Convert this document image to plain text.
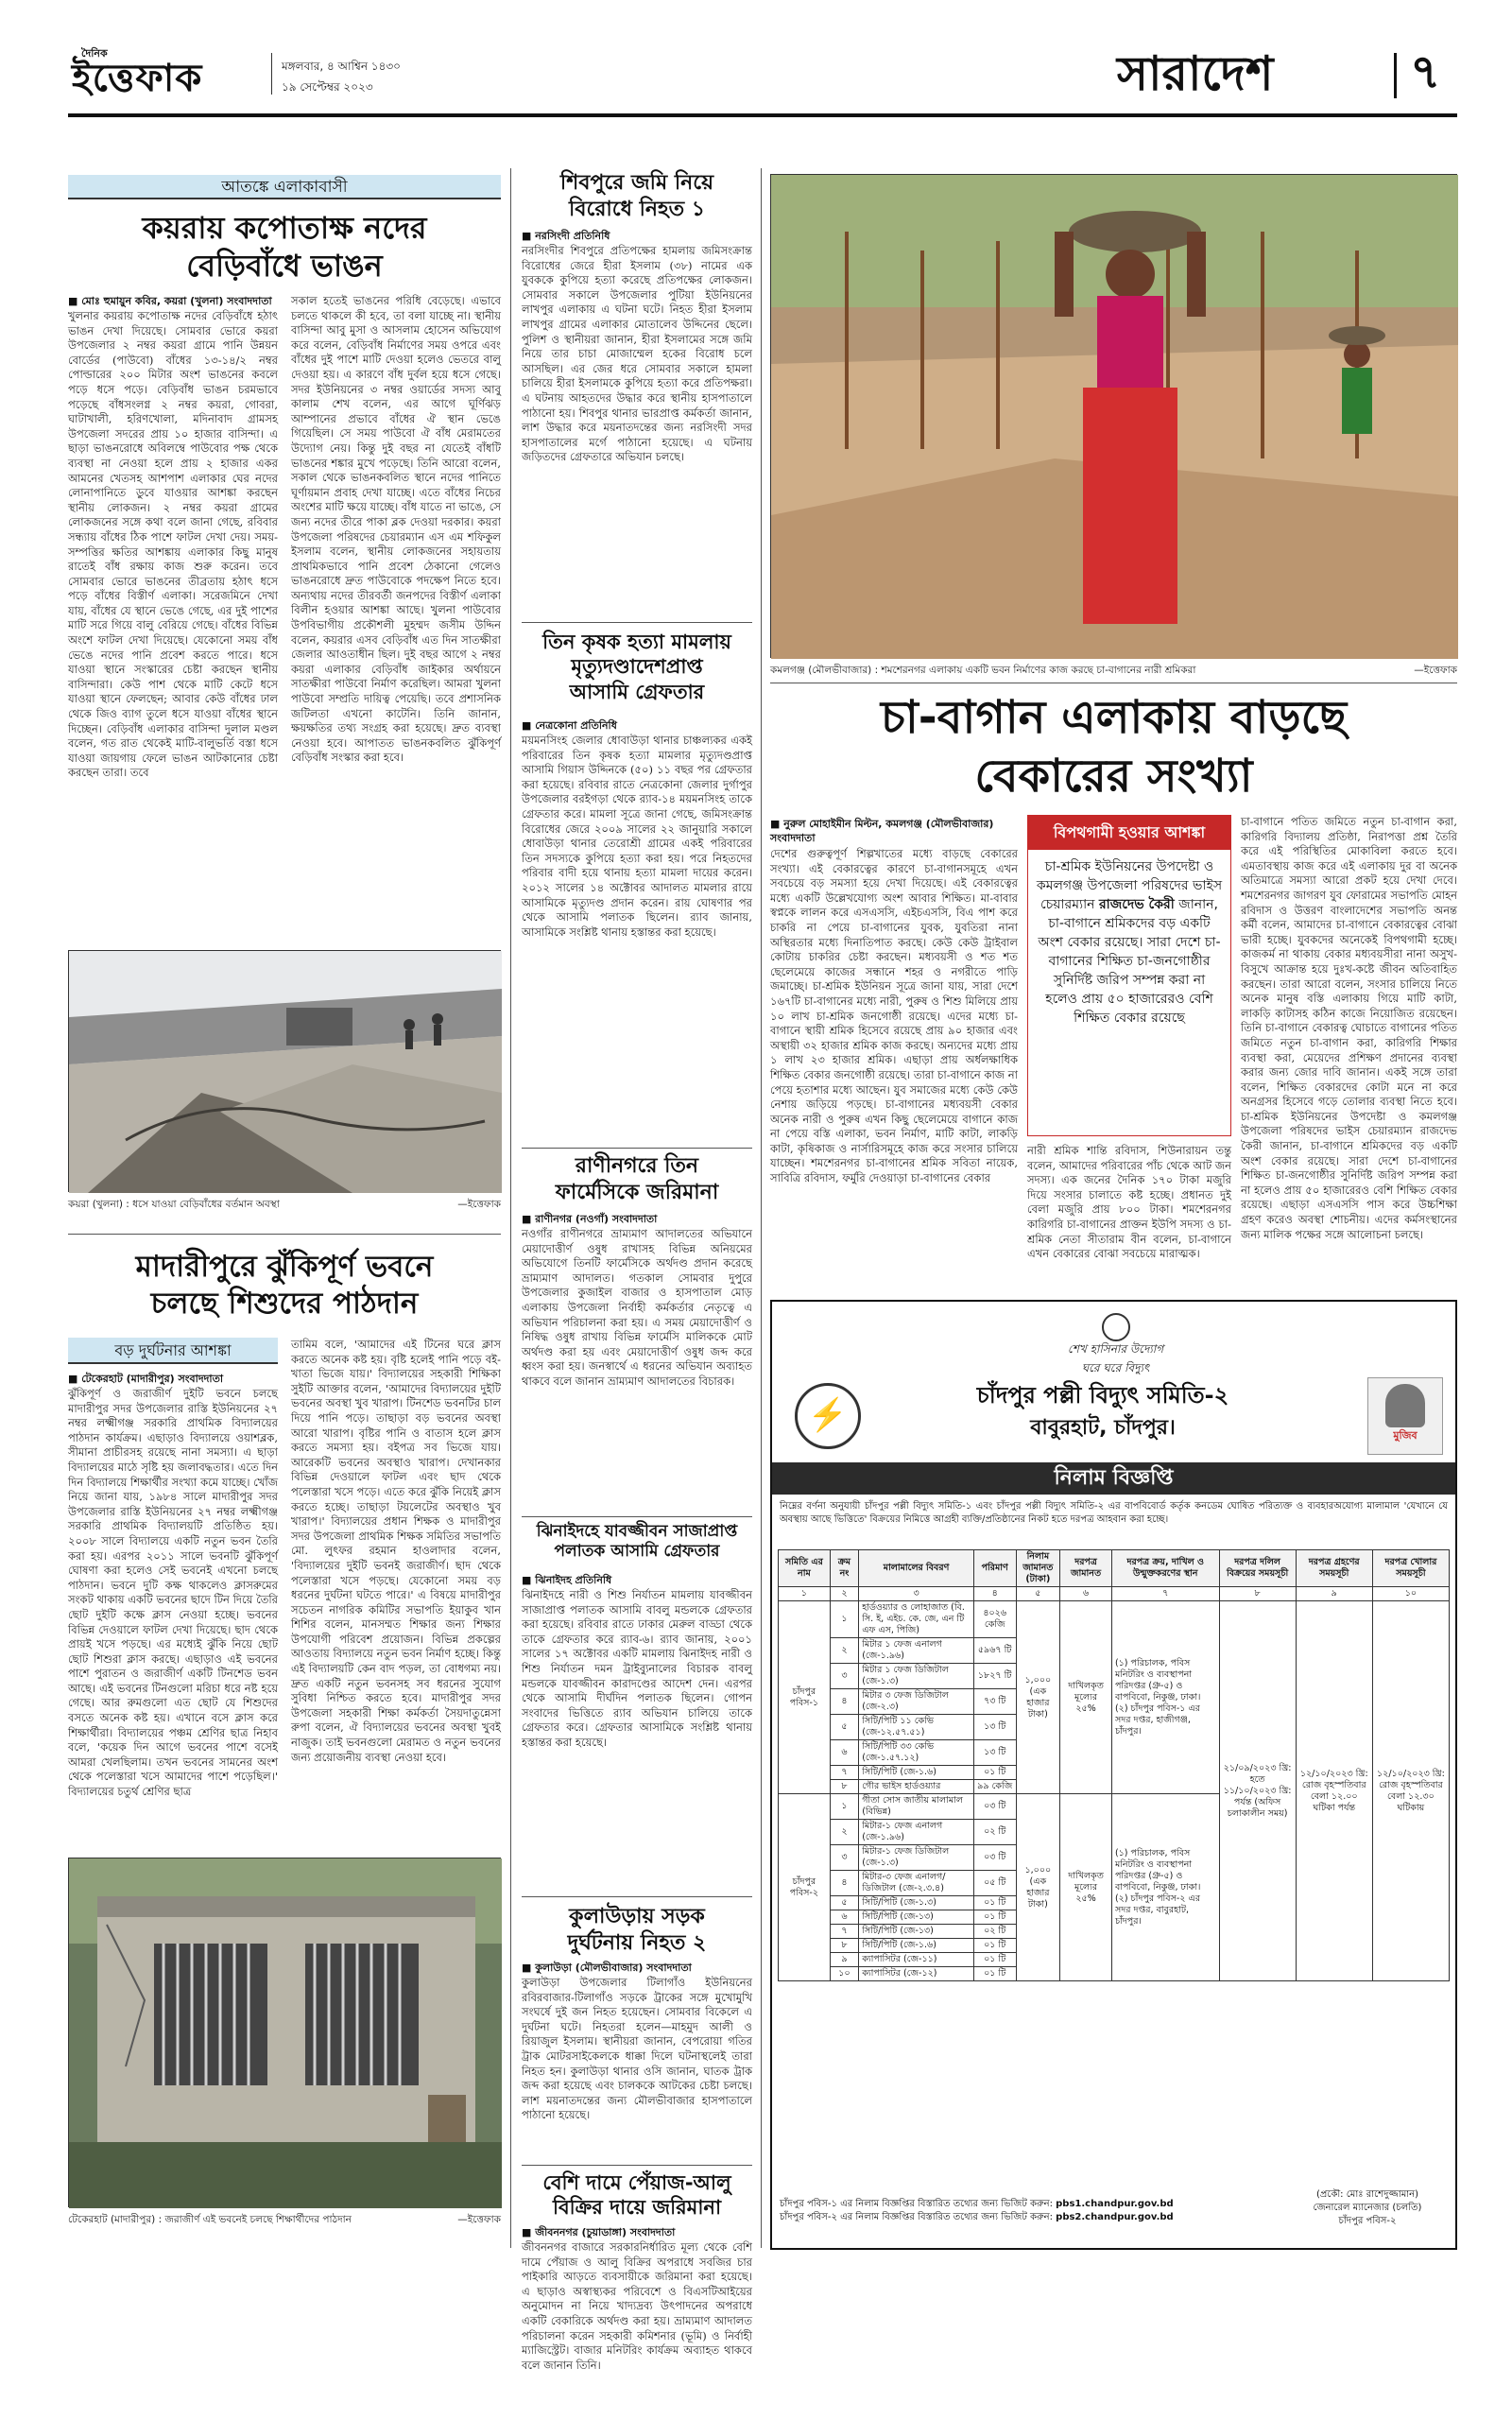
দৈনিক
ইত্তেফাক	মঙ্গলবার, ৪ আশ্বিন ১৪৩০
১৯ সেপ্টেম্বর ২০২৩	সারাদেশ	৭
আতঙ্কে এলাকাবাসী
কয়রায় কপোতাক্ষ নদের
বেড়িবাঁধে ভাঙন
■ মোঃ হুমায়ুন কবির, কয়রা (খুলনা) সংবাদদাতা
খুলনার কয়রায় কপোতাক্ষ নদের বেড়িবাঁধে হঠাৎ ভাঙন দেখা দিয়েছে। সোমবার ভোরে কয়রা উপজেলার ২ নম্বর কয়রা গ্রামে পানি উন্নয়ন বোর্ডের (পাউবো) বাঁধের ১৩-১৪/২ নম্বর পোল্ডারের ২০০ মিটার অংশ ভাঙনের কবলে পড়ে ধসে পড়ে। বেড়িবাঁধ ভাঙন চরমভাবে পড়েছে বাঁধসংলগ্ন ২ নম্বর কয়রা, গোবরা, ঘাটাখালী, হরিণখোলা, মদিনাবাদ গ্রামসহ উপজেলা সদরের প্রায় ১০ হাজার বাসিন্দা। এ ছাড়া ভাঙনরোধে অবিলম্বে পাউবোর পক্ষ থেকে ব্যবস্থা না নেওয়া হলে প্রায় ২ হাজার একর আমনের খেতসহ আশপাশ এলাকার ঘের নদের লোনাপানিতে ডুবে যাওয়ার আশঙ্কা করছেন স্থানীয় লোকজন। ২ নম্বর কয়রা গ্রামের লোকজনের সঙ্গে কথা বলে জানা গেছে, রবিবার সন্ধ্যায় বাঁধের ঠিক পাশে ফাটল দেখা দেয়। সময়-সম্পত্তির ক্ষতির আশঙ্কায় এলাকার কিছু মানুষ রাতেই বাঁধ রক্ষায় কাজ শুরু করেন। তবে সোমবার ভোরে ভাঙনের তীব্রতায় হঠাৎ ধসে পড়ে বাঁধের বিস্তীর্ণ এলাকা। সরেজমিনে দেখা যায়, বাঁধের যে স্থানে ভেঙে গেছে, এর দুই পাশের মাটি সরে গিয়ে বালু বেরিয়ে গেছে। বাঁধের বিভিন্ন অংশে ফাটল দেখা দিয়েছে। যেকোনো সময় বাঁধ ভেঙে নদের পানি প্রবেশ করতে পারে। ধসে যাওয়া স্থানে সংস্কারের চেষ্টা করছেন স্থানীয় বাসিন্দারা। কেউ পাশ থেকে মাটি কেটে ধসে যাওয়া স্থানে ফেলছেন; আবার কেউ বাঁধের ঢাল থেকে জিও ব্যাগ তুলে ধসে যাওয়া বাঁধের স্থানে দিচ্ছেন। বেড়িবাঁধ এলাকার বাসিন্দা দুলাল মণ্ডল বলেন, গত রাত থেকেই মাটি-বালুভর্তি বস্তা ধসে যাওয়া জায়গায় ফেলে ভাঙন আটকানোর চেষ্টা করছেন তারা। তবে
সকাল হতেই ভাঙনের পরিধি বেড়েছে। এভাবে চলতে থাকলে কী হবে, তা বলা যাচ্ছে না। স্থানীয় বাসিন্দা আবু মুসা ও আসলাম হোসেন অভিযোগ করে বলেন, বেড়িবাঁধ নির্মাণের সময় ওপরে এবং বাঁধের দুই পাশে মাটি দেওয়া হলেও ভেতরে বালু দেওয়া হয়। এ কারণে বাঁধ দুর্বল হয়ে ধসে গেছে। সদর ইউনিয়নের ৩ নম্বর ওয়ার্ডের সদস্য আবু কালাম শেখ বলেন, এর আগে ঘূর্ণিঝড় আম্পানের প্রভাবে বাঁধের ঐ স্থান ভেঙে গিয়েছিল। সে সময় পাউবো ঐ বাঁধ মেরামতের উদ্যোগ নেয়। কিন্তু দুই বছর না যেতেই বাঁধটি ভাঙনের শঙ্কার মুখে পড়েছে। তিনি আরো বলেন, সকাল থেকে ভাঙনকবলিত স্থানে নদের পানিতে ঘূর্ণায়মান প্রবাহ দেখা যাচ্ছে। এতে বাঁধের নিচের অংশের মাটি ক্ষয়ে যাচ্ছে। বাঁধ যাতে না ভাঙে, সে জন্য নদের তীরে পাকা ব্লক দেওয়া দরকার। কয়রা উপজেলা পরিষদের চেয়ারম্যান এস এম শফিকুল ইসলাম বলেন, স্থানীয় লোকজনের সহায়তায় প্রাথমিকভাবে পানি প্রবেশ ঠেকানো গেলেও ভাঙনরোধে দ্রুত পাউবোকে পদক্ষেপ নিতে হবে। অন্যথায় নদের তীরবর্তী জনপদের বিস্তীর্ণ এলাকা বিলীন হওয়ার আশঙ্কা আছে। খুলনা পাউবোর উপবিভাগীয় প্রকৌশলী মুহম্মদ জসীম উদ্দিন বলেন, কয়রার এসব বেড়িবাঁধ এত দিন সাতক্ষীরা জেলার আওতাধীন ছিল। দুই বছর আগে ২ নম্বর কয়রা এলাকার বেড়িবাঁধ জাইকার অর্থায়নে সাতক্ষীরা পাউবো নির্মাণ করেছিল। আমরা খুলনা পাউবো সম্প্রতি দায়িত্ব পেয়েছি। তবে প্রশাসনিক জটিলতা এখনো কাটেনি। তিনি জানান, ক্ষয়ক্ষতির তথ্য সংগ্রহ করা হয়েছে। দ্রুত ব্যবস্থা নেওয়া হবে। আপাতত ভাঙনকবলিত ঝুঁকিপূর্ণ বেড়িবাঁধ সংস্কার করা হবে।
কয়রা (খুলনা) : ধসে যাওয়া বেড়িবাঁধের বর্তমান অবস্থা	—ইত্তেফাক
মাদারীপুরে ঝুঁকিপূর্ণ ভবনে
চলছে শিশুদের পাঠদান
বড় দুর্ঘটনার আশঙ্কা
■ টেকেরহাট (মাদারীপুর) সংবাদদাতা
ঝুঁকিপূর্ণ ও জরাজীর্ণ দুইটি ভবনে চলছে মাদারীপুর সদর উপজেলার রাস্তি ইউনিয়নের ২৭ নম্বর লক্ষ্মীগঞ্জ সরকারি প্রাথমিক বিদ্যালয়ের পাঠদান কার্যক্রম। এছাড়াও বিদ্যালয়ে ওয়াশব্লক, সীমানা প্রাচীরসহ রয়েছে নানা সমস্যা। এ ছাড়া বিদ্যালয়ের মাঠে সৃষ্টি হয় জলাবদ্ধতার। এতে দিন দিন বিদ্যালয়ে শিক্ষার্থীর সংখ্যা কমে যাচ্ছে। খোঁজ নিয়ে জানা যায়, ১৯৮৪ সালে মাদারীপুর সদর উপজেলার রাস্তি ইউনিয়নের ২৭ নম্বর লক্ষ্মীগঞ্জ সরকারি প্রাথমিক বিদ্যালয়টি প্রতিষ্ঠিত হয়। ২০০৮ সালে বিদ্যালয়ে একটি নতুন ভবন তৈরি করা হয়। এরপর ২০১১ সালে ভবনটি ঝুঁকিপূর্ণ ঘোষণা করা হলেও সেই ভবনেই এখনো চলছে পাঠদান। ভবনে দুটি কক্ষ থাকলেও ক্লাসরুমের সংকট থাকায় একটি ভবনের ছাদে টিন দিয়ে তৈরি ছোট দুইটি কক্ষে ক্লাস নেওয়া হচ্ছে। ভবনের বিভিন্ন দেওয়ালে ফাটল দেখা দিয়েছে। ছাদ থেকে প্রায়ই খসে পড়ছে। এর মধ্যেই ঝুঁকি নিয়ে ছোট ছোট শিশুরা ক্লাস করছে। এছাড়াও এই ভবনের পাশে পুরাতন ও জরাজীর্ণ একটি টিনশেড ভবন আছে। এই ভবনের টিনগুলো মরিচা ধরে নষ্ট হয়ে গেছে। আর রুমগুলো এত ছোট যে শিশুদের বসতে অনেক কষ্ট হয়। এখানে বসে ক্লাস করে শিক্ষার্থীরা। বিদ্যালয়ের পঞ্চম শ্রেণির ছাত্র নিহাব বলে, 'কয়েক দিন আগে ভবনের পাশে বসেই আমরা খেলছিলাম। তখন ভবনের সামনের অংশ থেকে পলেস্তারা খসে আমাদের পাশে পড়েছিল।' বিদ্যালয়ের চতুর্থ শ্রেণির ছাত্র
তামিম বলে, 'আমাদের এই টিনের ঘরে ক্লাস করতে অনেক কষ্ট হয়। বৃষ্টি হলেই পানি পড়ে বই-খাতা ভিজে যায়।' বিদ্যালয়ের সহকারী শিক্ষিকা সুইটি আক্তার বলেন, 'আমাদের বিদ্যালয়ের দুইটি ভবনের অবস্থা খুব খারাপ। টিনশেড ভবনটির চাল দিয়ে পানি পড়ে। তাছাড়া বড় ভবনের অবস্থা আরো খারাপ। বৃষ্টির পানি ও বাতাস হলে ক্লাস করতে সমস্যা হয়। বইপত্র সব ভিজে যায়। আরেকটি ভবনের অবস্থাও খারাপ। দেখানকার বিভিন্ন দেওয়ালে ফাটল এবং ছাদ থেকে পলেস্তারা খসে পড়ে। এতে করে ঝুঁকি নিয়েই ক্লাস করতে হচ্ছে। তাছাড়া টয়লেটের অবস্থাও খুব খারাপ।' বিদ্যালয়ের প্রধান শিক্ষক ও মাদারীপুর সদর উপজেলা প্রাথমিক শিক্ষক সমিতির সভাপতি মো. লুৎফর রহমান হাওলাদার বলেন, 'বিদ্যালয়ের দুইটি ভবনই জরাজীর্ণ। ছাদ থেকে পলেস্তারা খসে পড়ছে। যেকোনো সময় বড় ধরনের দুর্ঘটনা ঘটতে পারে।' এ বিষয়ে মাদারীপুর সচেতন নাগরিক কমিটির সভাপতি ইয়াকুব খান শিশির বলেন, মানসম্মত শিক্ষার জন্য শিক্ষার উপযোগী পরিবেশ প্রয়োজন। বিভিন্ন প্রকল্পের আওতায় বিদ্যালয়ে নতুন ভবন নির্মাণ হচ্ছে। কিন্তু এই বিদ্যালয়টি কেন বাদ পড়ল, তা বোধগম্য নয়। দ্রুত একটি নতুন ভবনসহ সব ধরনের সুযোগ সুবিধা নিশ্চিত করতে হবে। মাদারীপুর সদর উপজেলা সহকারী শিক্ষা কর্মকর্তা সৈয়দাতুন্নেসা রুপা বলেন, ঐ বিদ্যালয়ের ভবনের অবস্থা খুবই নাজুক। তাই ভবনগুলো মেরামত ও নতুন ভবনের জন্য প্রয়োজনীয় ব্যবস্থা নেওয়া হবে।
টেকেরহাট (মাদারীপুর) : জরাজীর্ণ এই ভবনেই চলছে শিক্ষার্থীদের পাঠদান	—ইত্তেফাক
শিবপুরে জমি নিয়ে
বিরোধে নিহত ১
■ নরসিংদী প্রতিনিধি
নরসিংদীর শিবপুরে প্রতিপক্ষের হামলায় জমিসংক্রান্ত বিরোধের জেরে হীরা ইসলাম (৩৮) নামের এক যুবককে কুপিয়ে হত্যা করেছে প্রতিপক্ষের লোকজন। সোমবার সকালে উপজেলার পুটিয়া ইউনিয়নের লাখপুর এলাকায় এ ঘটনা ঘটে। নিহত হীরা ইসলাম লাখপুর গ্রামের এলাকার মোতালেব উদ্দিনের ছেলে। পুলিশ ও স্থানীয়রা জানান, হীরা ইসলামের সঙ্গে জমি নিয়ে তার চাচা মোজাম্মেল হকের বিরোধ চলে আসছিল। এর জের ধরে সোমবার সকালে হামলা চালিয়ে হীরা ইসলামকে কুপিয়ে হত্যা করে প্রতিপক্ষরা। এ ঘটনায় আহতদের উদ্ধার করে স্থানীয় হাসপাতালে পাঠানো হয়। শিবপুর থানার ভারপ্রাপ্ত কর্মকর্তা জানান, লাশ উদ্ধার করে ময়নাতদন্তের জন্য নরসিংদী সদর হাসপাতালের মর্গে পাঠানো হয়েছে। এ ঘটনায় জড়িতদের গ্রেফতারে অভিযান চলছে।
তিন কৃষক হত্যা মামলায়
মৃত্যুদণ্ডাদেশপ্রাপ্ত
আসামি গ্রেফতার
■ নেত্রকোনা প্রতিনিধি
ময়মনসিংহ জেলার ধোবাউড়া থানার চাঞ্চল্যকর একই পরিবারের তিন কৃষক হত্যা মামলার মৃত্যুদণ্ডপ্রাপ্ত আসামি গিয়াস উদ্দিনকে (৫০) ১১ বছর পর গ্রেফতার করা হয়েছে। রবিবার রাতে নেত্রকোনা জেলার দুর্গাপুর উপজেলার বরইগড়া থেকে র‌্যাব-১৪ ময়মনসিংহ তাকে গ্রেফতার করে। মামলা সূত্রে জানা গেছে, জমিসংক্রান্ত বিরোধের জেরে ২০০৯ সালের ২২ জানুয়ারি সকালে ধোবাউড়া থানার তেরোশ্রী গ্রামের একই পরিবারের তিন সদস্যকে কুপিয়ে হত্যা করা হয়। পরে নিহতদের পরিবার বাদী হয়ে থানায় হত্যা মামলা দায়ের করেন। ২০১২ সালের ১৪ অক্টোবর আদালত মামলার রায়ে আসামিকে মৃত্যুদণ্ড প্রদান করেন। রায় ঘোষণার পর থেকে আসামি পলাতক ছিলেন। র‌্যাব জানায়, আসামিকে সংশ্লিষ্ট থানায় হস্তান্তর করা হয়েছে।
রাণীনগরে তিন
ফার্মেসিকে জরিমানা
■ রাণীনগর (নওগাঁ) সংবাদদাতা
নওগাঁর রাণীনগরে ভ্রাম্যমাণ আদালতের অভিযানে মেয়াদোত্তীর্ণ ওষুধ রাখাসহ বিভিন্ন অনিয়মের অভিযোগে তিনটি ফার্মেসিকে অর্থদণ্ড প্রদান করেছে ভ্রাম্যমাণ আদালত। গতকাল সোমবার দুপুরে উপজেলার কুজাইল বাজার ও হাসপাতাল মোড় এলাকায় উপজেলা নির্বাহী কর্মকর্তার নেতৃত্বে এ অভিযান পরিচালনা করা হয়। এ সময় মেয়াদোত্তীর্ণ ও নিষিদ্ধ ওষুধ রাখায় বিভিন্ন ফার্মেসি মালিককে মোট অর্থদণ্ড করা হয় এবং মেয়াদোত্তীর্ণ ওষুধ জব্দ করে ধ্বংস করা হয়। জনস্বার্থে এ ধরনের অভিযান অব্যাহত থাকবে বলে জানান ভ্রাম্যমাণ আদালতের বিচারক।
ঝিনাইদহে যাবজ্জীবন সাজাপ্রাপ্ত
পলাতক আসামি গ্রেফতার
■ ঝিনাইদহ প্রতিনিধি
ঝিনাইদহে নারী ও শিশু নির্যাতন মামলায় যাবজ্জীবন সাজাপ্রাপ্ত পলাতক আসামি বাবলু মন্ডলকে গ্রেফতার করা হয়েছে। রবিবার রাতে ঢাকার মেরুল বাড্ডা থেকে তাকে গ্রেফতার করে র‌্যাব-৬। র‌্যাব জানায়, ২০০১ সালের ১৭ অক্টোবর একটি মামলায় ঝিনাইদহ নারী ও শিশু নির্যাতন দমন ট্রাইব্যুনালের বিচারক বাবলু মন্ডলকে যাবজ্জীবন কারাদণ্ডের আদেশ দেন। এরপর থেকে আসামি দীর্ঘদিন পলাতক ছিলেন। গোপন সংবাদের ভিত্তিতে র‌্যাব অভিযান চালিয়ে তাকে গ্রেফতার করে। গ্রেফতার আসামিকে সংশ্লিষ্ট থানায় হস্তান্তর করা হয়েছে।
কুলাউড়ায় সড়ক
দুর্ঘটনায় নিহত ২
■ কুলাউড়া (মৌলভীবাজার) সংবাদদাতা
কুলাউড়া উপজেলার টিলাগাঁও ইউনিয়নের রবিরবাজার-টিলাগাঁও সড়কে ট্রাকের সঙ্গে মুখোমুখি সংঘর্ষে দুই জন নিহত হয়েছেন। সোমবার বিকেলে এ দুর্ঘটনা ঘটে। নিহতরা হলেন—মাহমুদ আলী ও রিয়াজুল ইসলাম। স্থানীয়রা জানান, বেপরোয়া গতির ট্রাক মোটরসাইকেলকে ধাক্কা দিলে ঘটনাস্থলেই তারা নিহত হন। কুলাউড়া থানার ওসি জানান, ঘাতক ট্রাক জব্দ করা হয়েছে এবং চালককে আটকের চেষ্টা চলছে। লাশ ময়নাতদন্তের জন্য মৌলভীবাজার হাসপাতালে পাঠানো হয়েছে।
বেশি দামে পেঁয়াজ-আলু
বিক্রির দায়ে জরিমানা
■ জীবননগর (চুয়াডাঙ্গা) সংবাদদাতা
জীবননগর বাজারে সরকারনির্ধারিত মূল্য থেকে বেশি দামে পেঁয়াজ ও আলু বিক্রির অপরাধে সবজির চার পাইকারি আড়তে ব্যবসায়ীকে জরিমানা করা হয়েছে। এ ছাড়াও অস্বাস্থ্যকর পরিবেশে ও বিএসটিআইয়ের অনুমোদন না নিয়ে খাদ্যদ্রব্য উৎপাদনের অপরাধে একটি বেকারিকে অর্থদণ্ড করা হয়। ভ্রাম্যমাণ আদালত পরিচালনা করেন সহকারী কমিশনার (ভূমি) ও নির্বাহী ম্যাজিস্ট্রেট। বাজার মনিটরিং কার্যক্রম অব্যাহত থাকবে বলে জানান তিনি।
কমলগঞ্জ (মৌলভীবাজার) : শমশেরনগর এলাকায় একটি ভবন নির্মাণের কাজ করছে চা-বাগানের নারী শ্রমিকরা	—ইত্তেফাক
চা-বাগান এলাকায় বাড়ছে
বেকারের সংখ্যা
■ নুরুল মোহাইমীন মিল্টন, কমলগঞ্জ (মৌলভীবাজার) সংবাদদাতা
দেশের গুরুত্বপূর্ণ শিল্পখাতের মধ্যে বাড়ছে বেকারের সংখ্যা। এই বেকারত্বের কারণে চা-বাগানসমূহে এখন সবচেয়ে বড় সমস্যা হয়ে দেখা দিয়েছে। এই বেকারত্বের মধ্যে একটি উল্লেখযোগ্য অংশ আবার শিক্ষিত। মা-বাবার স্বপ্নকে লালন করে এসএসসি, এইচএসসি, বিএ পাশ করে চাকরি না পেয়ে চা-বাগানের যুবক, যুবতিরা নানা অস্থিরতার মধ্যে দিনাতিপাত করছে। কেউ কেউ ট্রাইবাল কোটায় চাকরির চেষ্টা করছেন। মধ্যবয়সী ও শত শত ছেলেমেয়ে কাজের সন্ধানে শহর ও নগরীতে পাড়ি জমাচ্ছে। চা-শ্রমিক ইউনিয়ন সূত্রে জানা যায়, সারা দেশে ১৬৭টি চা-বাগানের মধ্যে নারী, পুরুষ ও শিশু মিলিয়ে প্রায় ১০ লাখ চা-শ্রমিক জনগোষ্ঠী রয়েছে। এদের মধ্যে চা-বাগানে স্থায়ী শ্রমিক হিসেবে রয়েছে প্রায় ৯০ হাজার এবং অস্থায়ী ৩২ হাজার শ্রমিক কাজ করছে। অন্যদের মধ্যে প্রায় ১ লাখ ২৩ হাজার শ্রমিক। এছাড়া প্রায় অর্ধলক্ষাধিক শিক্ষিত বেকার জনগোষ্ঠী রয়েছে। তারা চা-বাগানে কাজ না পেয়ে হতাশার মধ্যে আছেন। যুব সমাজের মধ্যে কেউ কেউ নেশায় জড়িয়ে পড়ছে। চা-বাগানের মধ্যবয়সী বেকার অনেক নারী ও পুরুষ এখন কিছু ছেলেমেয়ে বাগানে কাজ না পেয়ে বস্তি এলাকা, ভবন নির্মাণ, মাটি কাটা, লাকড়ি কাটা, কৃষিকাজ ও নার্সারিসমূহে কাজ করে সংসার চালিয়ে যাচ্ছেন। শমশেরনগর চা-বাগানের শ্রমিক সবিতা নায়েক, সাবিত্রি রবিদাস, ফর্মুরি দেওয়াড়া চা-বাগানের বেকার
বিপথগামী হওয়ার আশঙ্কা
চা-শ্রমিক ইউনিয়নের উপদেষ্টা ও কমলগঞ্জ উপজেলা পরিষদের ভাইস চেয়ারম্যান রাজদেভ কৈরী জানান, চা-বাগানে শ্রমিকদের বড় একটি অংশ বেকার রয়েছে। সারা দেশে চা-বাগানের শিক্ষিত চা-জনগোষ্ঠীর সুনির্দিষ্ট জরিপ সম্পন্ন করা না হলেও প্রায় ৫০ হাজারেরও বেশি শিক্ষিত বেকার রয়েছে
নারী শ্রমিক শান্তি রবিদাস, শিউনারায়ন তন্তু বলেন, আমাদের পরিবারের পাঁচ থেকে আট জন সদস্য। এক জনের দৈনিক ১৭০ টাকা মজুরি দিয়ে সংসার চালাতে কষ্ট হচ্ছে। প্রধানত দুই বেলা মজুরি প্রায় ৮০০ টাকা। শমশেরনগর কারিগরি চা-বাগানের প্রাক্তন ইউপি সদস্য ও চা-শ্রমিক নেতা সীতারাম বীন বলেন, চা-বাগানে এখন বেকারের বোঝা সবচেয়ে মারাত্মক।
চা-বাগানে পতিত জমিতে নতুন চা-বাগান করা, কারিগরি বিদ্যালয় প্রতিষ্ঠা, নিরাপত্তা প্রশ্ন তৈরি করে এই পরিস্থিতির মোকাবিলা করতে হবে। এমতাবস্থায় কাজ করে এই এলাকায় দুর বা অনেক অতিমাত্রে সমস্যা আরো প্রকট হয়ে দেখা দেবে। শমশেরনগর জাগরণ যুব ফোরামের সভাপতি মোহন রবিদাস ও উত্তরণ বাংলাদেশের সভাপতি অনন্ত কর্মী বলেন, আমাদের চা-বাগানে বেকারত্বের বোঝা ভারী হচ্ছে। যুবকদের অনেকেই বিপথগামী হচ্ছে। কাজকর্ম না থাকায় বেকার মধ্যবয়সীরা নানা অসুখ-বিসুখে আক্রান্ত হয়ে দুঃখ-কষ্টে জীবন অতিবাহিত করছেন। তারা আরো বলেন, সংসার চালিয়ে নিতে অনেক মানুষ বস্তি এলাকায় গিয়ে মাটি কাটা, লাকড়ি কাটাসহ কঠিন কাজে নিয়োজিত রয়েছেন। তিনি চা-বাগানে বেকারত্ব ঘোচাতে বাগানের পতিত জমিতে নতুন চা-বাগান করা, কারিগরি শিক্ষার ব্যবস্থা করা, মেয়েদের প্রশিক্ষণ প্রদানের ব্যবস্থা করার জন্য জোর দাবি জানান। একই সঙ্গে তারা বলেন, শিক্ষিত বেকারদের কোটা মনে না করে অনগ্রসর হিসেবে গড়ে তোলার ব্যবস্থা নিতে হবে। চা-শ্রমিক ইউনিয়নের উপদেষ্টা ও কমলগঞ্জ উপজেলা পরিষদের ভাইস চেয়ারম্যান রাজদেভ কৈরী জানান, চা-বাগানে শ্রমিকদের বড় একটি অংশ বেকার রয়েছে। সারা দেশে চা-বাগানের শিক্ষিত চা-জনগোষ্ঠীর সুনির্দিষ্ট জরিপ সম্পন্ন করা না হলেও প্রায় ৫০ হাজারেরও বেশি শিক্ষিত বেকার রয়েছে। এছাড়া এসএসসি পাস করে উচ্চশিক্ষা গ্রহণ করেও অবস্থা শোচনীয়। এদের কর্মসংস্থানের জন্য মালিক পক্ষের সঙ্গে আলোচনা চলছে।
শেখ হাসিনার উদ্যোগ
ঘরে ঘরে বিদ্যুৎ
⚡
চাঁদপুর পল্লী বিদ্যুৎ সমিতি-২
বাবুরহাট, চাঁদপুর।	মুজিব
নিলাম বিজ্ঞপ্তি
নিম্নের বর্ণনা অনুযায়ী চাঁদপুর পল্লী বিদ্যুৎ সমিতি-১ এবং চাঁদপুর পল্লী বিদ্যুৎ সমিতি-২ এর বাপবিবোর্ড কর্তৃক কনডেম ঘোষিত পরিত্যক্ত ও ব্যবহারঅযোগ্য মালামাল 'যেখানে যে অবস্থায় আছে ভিত্তিতে' বিক্রয়ের নিমিত্তে আগ্রহী ব্যক্তি/প্রতিষ্ঠানের নিকট হতে দরপত্র আহবান করা হচ্ছে।
সমিতি এর নাম	ক্রম নং	মালামালের বিবরণ	পরিমাণ	নিলাম জামানত (টাকা)	দরপত্র জামানত	দরপত্র ক্রয়, দাখিল ও উন্মুক্তকরণের স্থান	দরপত্র দলিল বিক্রয়ের সময়সূচী	দরপত্র গ্রহণের সময়সূচী	দরপত্র খোলার সময়সূচী
১	২	৩	৪	৫	৬	৭	৮	৯	১০
চাঁদপুর পবিস-১	১	হার্ডওয়্যার ও লোহাজাত (বি. সি. ই, এইচ. কে. জে, এন টি এফ এস, পিজি)	৪০২৬ কেজি	১,০০০ (এক হাজার টাকা)	দাখিলকৃত মূল্যের ২৫%	(১) পরিচালক, পবিস মনিটরিং ও ব্যবস্থাপনা পরিদপ্তর (গ্রু-৫) ও বাপবিবো, নিকুঞ্জ, ঢাকা। (২) চাঁদপুর পবিস-১ এর সদর দপ্তর, হাজীগঞ্জ, চাঁদপুর।	২১/০৯/২০২৩ খ্রি: হতে ১১/১০/২০২৩ খ্রি: পর্যন্ত (অফিস চলাকালীন সময়)	১২/১০/২০২৩ খ্রি: রোজ বৃহস্পতিবার বেলা ১২.০০ ঘটিকা পর্যন্ত	১২/১০/২০২৩ খ্রি: রোজ বৃহস্পতিবার বেলা ১২.৩০ ঘটিকায়
	২	মিটার ১ ফেজ এনালগ (জে-১.৯৬)	৫৯৬৭ টি						
	৩	মিটার ১ ফেজ ডিজিটাল (জে-১.৩)	১৮২৭ টি						
	৪	মিটার ৩ ফেজ ডিজিটাল (জে-২.৩)	৭৩ টি						
	৫	সিটি/পিটি ১১ কেভি (জে-১২.৫৭.৫১)	১৩ টি						
	৬	সিটি/পিটি ৩৩ কেভি (জে-১.৫৭.১২)	১৩ টি						
	৭	সিটি/পিটি (জে-১.৬)	০১ টি						
	৮	গৌর ভাইস হার্ডওয়্যার	৯৯ কেজি						
চাঁদপুর পবিস-২	১	গীতা সোস জাতীয় মালামাল (বিভিন্ন)	০৩ টি	১,০০০ (এক হাজার টাকা)	দাখিলকৃত মূল্যের ২৫%	(১) পরিচালক, পবিস মনিটরিং ও ব্যবস্থাপনা পরিদপ্তর (গ্রু-৫) ও বাপবিবো, নিকুঞ্জ, ঢাকা। (২) চাঁদপুর পবিস-২ এর সদর দপ্তর, বাবুরহাট, চাঁদপুর।			
	২	মিটার-১ ফেজ এনালগ (জে-১.৯৬)	০২ টি						
	৩	মিটার-১ ফেজ ডিজিটাল (জে-১.৩)	০৩ টি						
	৪	মিটার-৩ ফেজ এনালগ/ডিজিটাল (জে-২.৩.৪)	০৫ টি						
	৫	সিটি/পিটি (জে-১.৩)	০১ টি						
	৬	সিটি/পিটি (জে-১৩)	০১ টি						
	৭	সিটি/পিটি (জে-১৩)	০২ টি						
	৮	সিটি/পিটি (জে-১.৬)	০১ টি						
	৯	ক্যাপাসিটর (জে-১১)	০১ টি						
	১০	ক্যাপাসিটর (জে-১২)	০১ টি						
চাঁদপুর পবিস-১ এর নিলাম বিজ্ঞপ্তির বিস্তারিত তথ্যের জন্য ভিজিট করুন: pbs1.chandpur.gov.bd
চাঁদপুর পবিস-২ এর নিলাম বিজ্ঞপ্তির বিস্তারিত তথ্যের জন্য ভিজিট করুন: pbs2.chandpur.gov.bd
(প্রকৌ: মোঃ রাশেদুজ্জামান)
জেনারেল ম্যানেজার (চলতি)
চাঁদপুর পবিস-২
